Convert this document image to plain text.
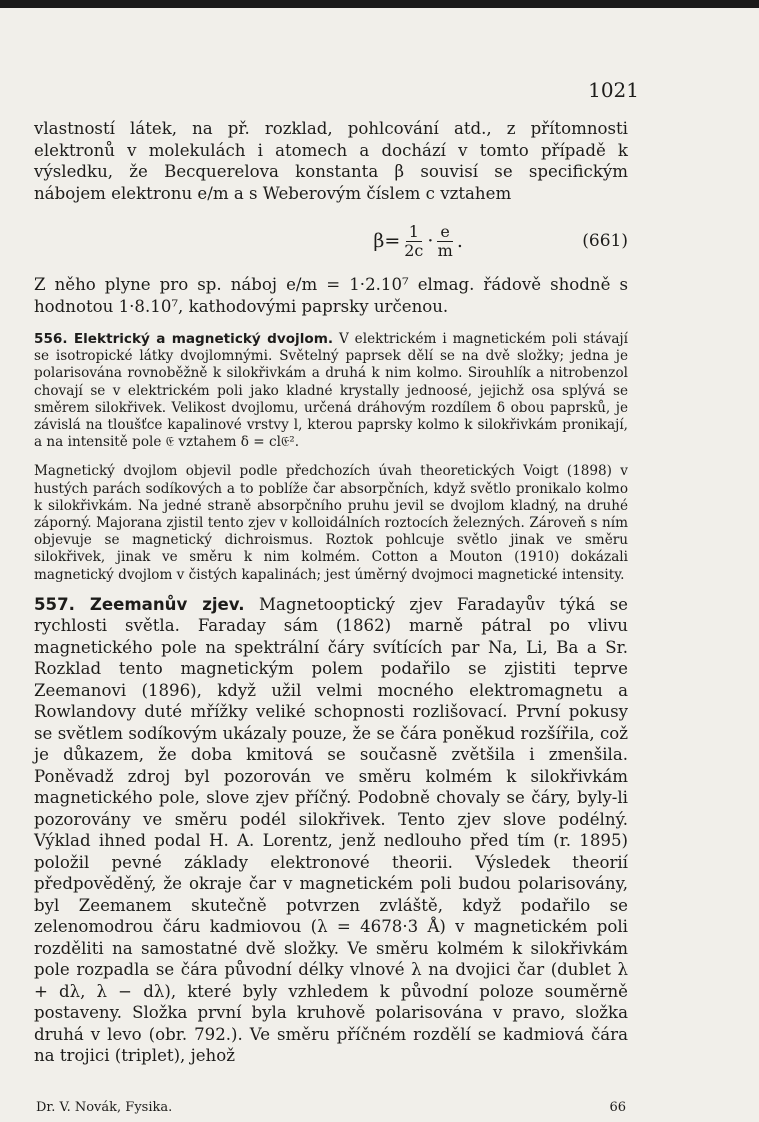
1021

vlastností látek, na př. rozklad, pohlcování atd., z přítomnosti elektronů v molekulách i atomech a dochází v tomto případě k výsledku, že Becquerelova konstanta β souvisí se specifickým nábojem elektronu e/m a s Weberovým číslem c vztahem

$\beta= \frac{1}{2c} \cdot \frac{e}{m}$ .	(661)

Z něho plyne pro sp. náboj e/m = 1·2.10⁷ elmag. řádově shodně s hodnotou 1·8.10⁷, kathodovými paprsky určenou.

556. Elektrický a magnetický dvojlom. V elektrickém i magnetickém poli stávají se isotropické látky dvojlomnými. Světelný paprsek dělí se na dvě složky; jedna je polarisována rovnoběžně k silokřivkám a druhá k nim kolmo. Sirouhlík a nitrobenzol chovají se v elektrickém poli jako kladné krystally jednoosé, jejichž osa splývá se směrem silokřivek. Velikost dvojlomu, určená dráhovým rozdílem δ obou paprsků, je závislá na tloušťce kapalinové vrstvy l, kterou paprsky kolmo k silokřivkám pronikají, a na intensitě pole 𝔈 vztahem δ = cl𝔈².

Magnetický dvojlom objevil podle předchozích úvah theoretických Voigt (1898) v hustých parách sodíkových a to poblíže čar absorpčních, když světlo pronikalo kolmo k silokřivkám. Na jedné straně absorpčního pruhu jevil se dvojlom kladný, na druhé záporný. Majorana zjistil tento zjev v kolloidálních roztocích železných. Zároveň s ním objevuje se magnetický dichroismus. Roztok pohlcuje světlo jinak ve směru silokřivek, jinak ve směru k nim kolmém. Cotton a Mouton (1910) dokázali magnetický dvojlom v čistých kapalinách; jest úměrný dvojmoci magnetické intensity.

557. Zeemanův zjev. Magnetooptický zjev Faradayův týká se rychlosti světla. Faraday sám (1862) marně pátral po vlivu magnetického pole na spektrální čáry svítících par Na, Li, Ba a Sr. Rozklad tento magnetickým polem podařilo se zjistiti teprve Zeemanovi (1896), když užil velmi mocného elektromagnetu a Rowlandovy duté mřížky veliké schopnosti rozlišovací. První pokusy se světlem sodíkovým ukázaly pouze, že se čára poněkud rozšířila, což je důkazem, že doba kmitová se současně zvětšila i zmenšila. Poněvadž zdroj byl pozorován ve směru kolmém k silokřivkám magnetického pole, slove zjev příčný. Podobně chovaly se čáry, byly-li pozorovány ve směru podél silokřivek. Tento zjev slove podélný. Výklad ihned podal H. A. Lorentz, jenž nedlouho před tím (r. 1895) položil pevné základy elektronové theorii. Výsledek theorií předpověděný, že okraje čar v magnetickém poli budou polarisovány, byl Zeemanem skutečně potvrzen zvláště, když podařilo se zelenomodrou čáru kadmiovou (λ = 4678·3 Å) v magnetickém poli rozděliti na samostatné dvě složky. Ve směru kolmém k silokřivkám pole rozpadla se čára původní délky vlnové λ na dvojici čar (dublet λ + dλ, λ − dλ), které byly vzhledem k původní poloze souměrně postaveny. Složka první byla kruhově polarisována v pravo, složka druhá v levo (obr. 792.). Ve směru příčném rozdělí se kadmiová čára na trojici (triplet), jehož

Dr. V. Novák, Fysika.	66
